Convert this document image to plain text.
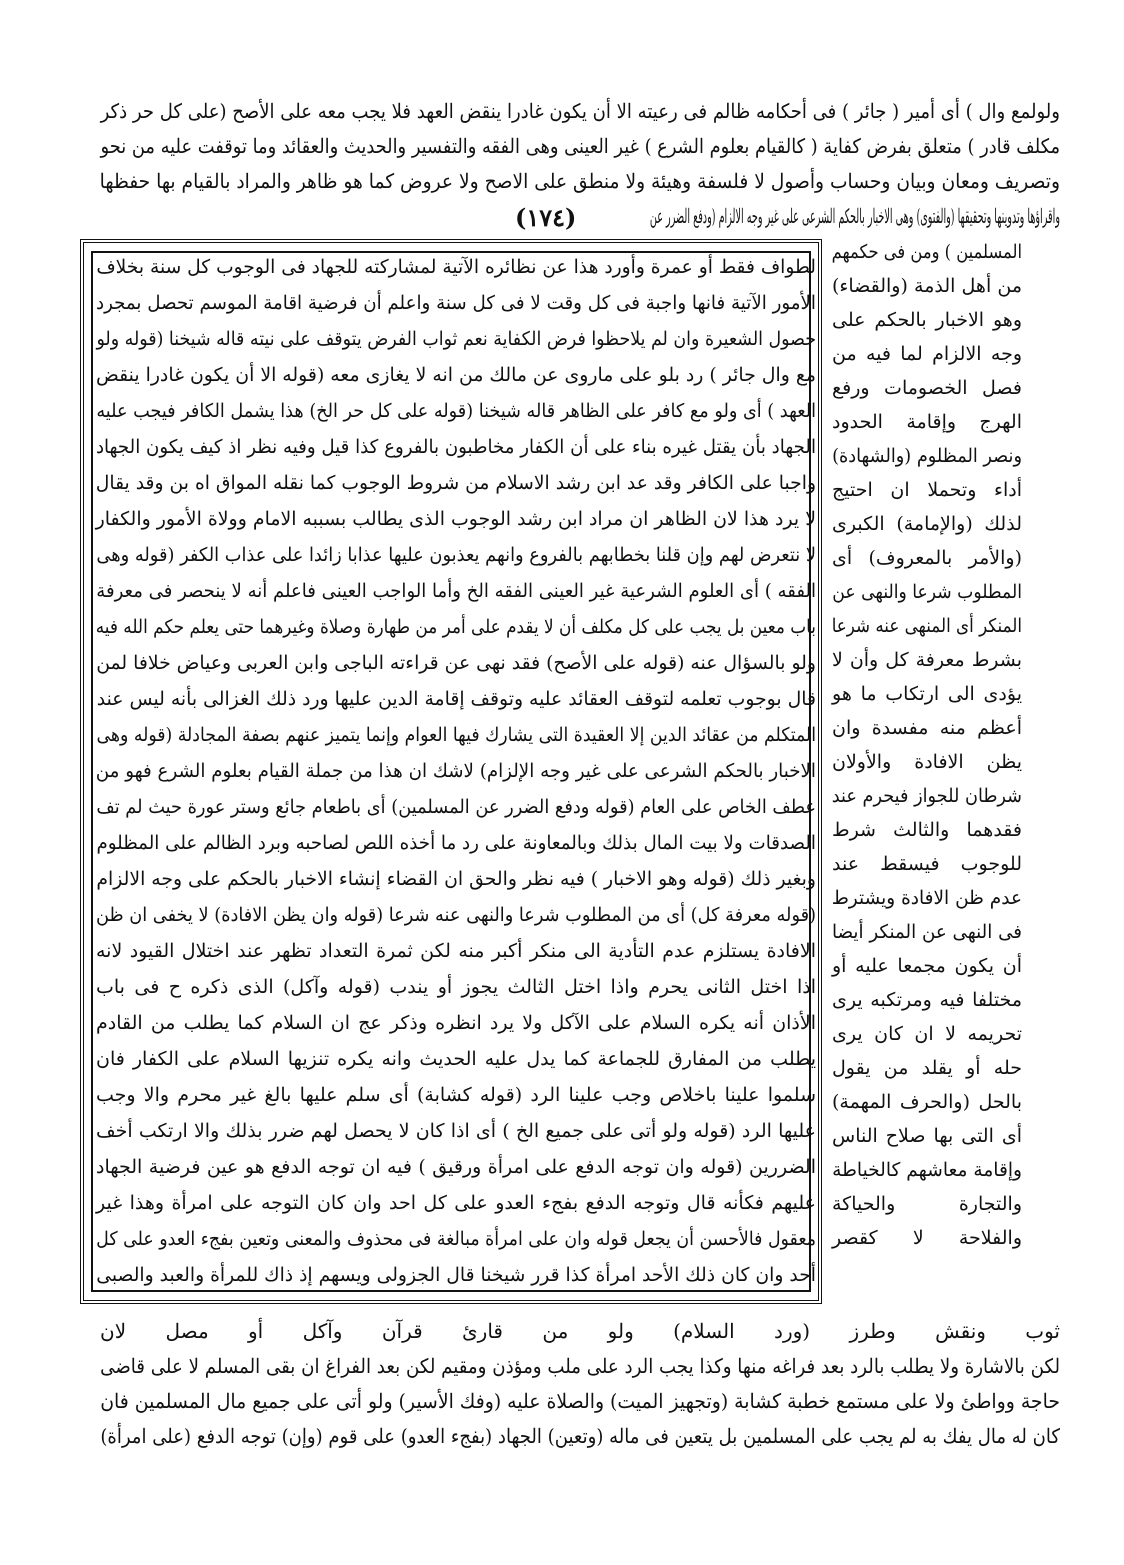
(١٧٤)
ولولمع وال ) أى أمير ( جائر ) فى أحكامه ظالم فى رعيته الا أن يكون غادرا ينقض العهد فلا يجب معه على الأصح (على كل حر ذكر
مكلف قادر ) متعلق بفرض كفاية ( كالقيام بعلوم الشرع ) غير العينى وهى الفقه والتفسير والحديث والعقائد وما توقفت عليه من نحو
وتصريف ومعان وبيان وحساب وأصول لا فلسفة وهيئة ولا منطق على الاصح ولا عروض كما هو ظاهر والمراد بالقيام بها حفظها
واقراؤها وتدوينها وتحقيقها (والفتوى) وهى الاخبار بالحكم الشرعى على غير وجه الالزام (ودفع الضرر عن
لطواف فقط أو عمرة وأورد هذا عن نظائره الآتية لمشاركته للجهاد فى الوجوب كل سنة بخلاف
الأمور الآتية فانها واجبة فى كل وقت لا فى كل سنة واعلم أن فرضية اقامة الموسم تحصل بمجرد
حصول الشعيرة وان لم يلاحظوا فرض الكفاية نعم ثواب الفرض يتوقف على نيته قاله شيخنا (قوله ولو
مع وال جائر ) رد بلو على ماروى عن مالك من انه لا يغازى معه (قوله الا أن يكون غادرا ينقض
العهد ) أى ولو مع كافر على الظاهر قاله شيخنا (قوله على كل حر الخ) هذا يشمل الكافر فيجب عليه
الجهاد بأن يقتل غيره بناء على أن الكفار مخاطبون بالفروع كذا قيل وفيه نظر اذ كيف يكون الجهاد
واجبا على الكافر وقد عد ابن رشد الاسلام من شروط الوجوب كما نقله المواق اه بن وقد يقال
لا يرد هذا لان الظاهر ان مراد ابن رشد الوجوب الذى يطالب بسببه الامام وولاة الأمور والكفار
لا نتعرض لهم وإن قلنا بخطابهم بالفروع وانهم يعذبون عليها عذابا زائدا على عذاب الكفر (قوله وهى
الفقه ) أى العلوم الشرعية غير العينى الفقه الخ وأما الواجب العينى فاعلم أنه لا ينحصر فى معرفة
باب معين بل يجب على كل مكلف أن لا يقدم على أمر من طهارة وصلاة وغيرهما حتى يعلم حكم الله فيه
ولو بالسؤال عنه (قوله على الأصح) فقد نهى عن قراءته الباجى وابن العربى وعياض خلافا لمن
قال بوجوب تعلمه لتوقف العقائد عليه وتوقف إقامة الدين عليها ورد ذلك الغزالى بأنه ليس عند
المتكلم من عقائد الدين إلا العقيدة التى يشارك فيها العوام وإنما يتميز عنهم بصفة المجادلة (قوله وهى
الاخبار بالحكم الشرعى على غير وجه الإلزام) لاشك ان هذا من جملة القيام بعلوم الشرع فهو من
عطف الخاص على العام (قوله ودفع الضرر عن المسلمين) أى باطعام جائع وستر عورة حيث لم تف
الصدقات ولا بيت المال بذلك وبالمعاونة على رد ما أخذه اللص لصاحبه وبرد الظالم على المظلوم
وبغير ذلك (قوله وهو الاخبار ) فيه نظر والحق ان القضاء إنشاء الاخبار بالحكم على وجه الالزام
(قوله معرفة كل) أى من المطلوب شرعا والنهى عنه شرعا (قوله وان يظن الافادة) لا يخفى ان ظن
الافادة يستلزم عدم التأدية الى منكر أكبر منه لكن ثمرة التعداد تظهر عند اختلال القيود لانه
اذا اختل الثانى يحرم واذا اختل الثالث يجوز أو يندب (قوله وآكل) الذى ذكره ح فى باب
الأذان أنه يكره السلام على الآكل ولا يرد انظره وذكر عج ان السلام كما يطلب من القادم
يطلب من المفارق للجماعة كما يدل عليه الحديث وانه يكره تنزيها السلام على الكفار فان
سلموا علينا باخلاص وجب علينا الرد (قوله كشابة) أى سلم عليها بالغ غير محرم والا وجب
عليها الرد (قوله ولو أتى على جميع الخ ) أى اذا كان لا يحصل لهم ضرر بذلك والا ارتكب أخف
الضررين (قوله وان توجه الدفع على امرأة ورقيق ) فيه ان توجه الدفع هو عين فرضية الجهاد
عليهم فكأنه قال وتوجه الدفع بفجء العدو على كل احد وان كان التوجه على امرأة وهذا غير
معقول فالأحسن أن يجعل قوله وان على امرأة مبالغة فى محذوف والمعنى وتعين بفجء العدو على كل
أحد وان كان ذلك الأحد امرأة كذا قرر شيخنا قال الجزولى ويسهم إذ ذاك للمرأة والعبد والصبى
المسلمين ) ومن فى حكمهم
من أهل الذمة (والقضاء)
وهو الاخبار بالحكم على
وجه الالزام لما فيه من
فصل الخصومات ورفع
الهرج وإقامة الحدود
ونصر المظلوم (والشهادة)
أداء وتحملا ان احتيج
لذلك (والإمامة) الكبرى
(والأمر بالمعروف) أى
المطلوب شرعا والنهى عن
المنكر أى المنهى عنه شرعا
بشرط معرفة كل وأن لا
يؤدى الى ارتكاب ما هو
أعظم منه مفسدة وان
يظن الافادة والأولان
شرطان للجواز فيحرم عند
فقدهما والثالث شرط
للوجوب فيسقط عند
عدم ظن الافادة ويشترط
فى النهى عن المنكر أيضا
أن يكون مجمعا عليه أو
مختلفا فيه ومرتكبه يرى
تحريمه لا ان كان يرى
حله أو يقلد من يقول
بالحل (والحرف المهمة)
أى التى بها صلاح الناس
وإقامة معاشهم كالخياطة
والتجارة والحياكة
والفلاحة لا كقصر
ثوب ونقش وطرز (ورد السلام) ولو من قارئ قرآن وآكل أو مصل لان
لكن بالاشارة ولا يطلب بالرد بعد فراغه منها وكذا يجب الرد على ملب ومؤذن ومقيم لكن بعد الفراغ ان بقى المسلم لا على قاضى
حاجة وواطئ ولا على مستمع خطبة كشابة (وتجهيز الميت) والصلاة عليه (وفك الأسير) ولو أتى على جميع مال المسلمين فان
كان له مال يفك به لم يجب على المسلمين بل يتعين فى ماله (وتعين) الجهاد (بفجء العدو) على قوم (وإن) توجه الدفع (على امرأة)
